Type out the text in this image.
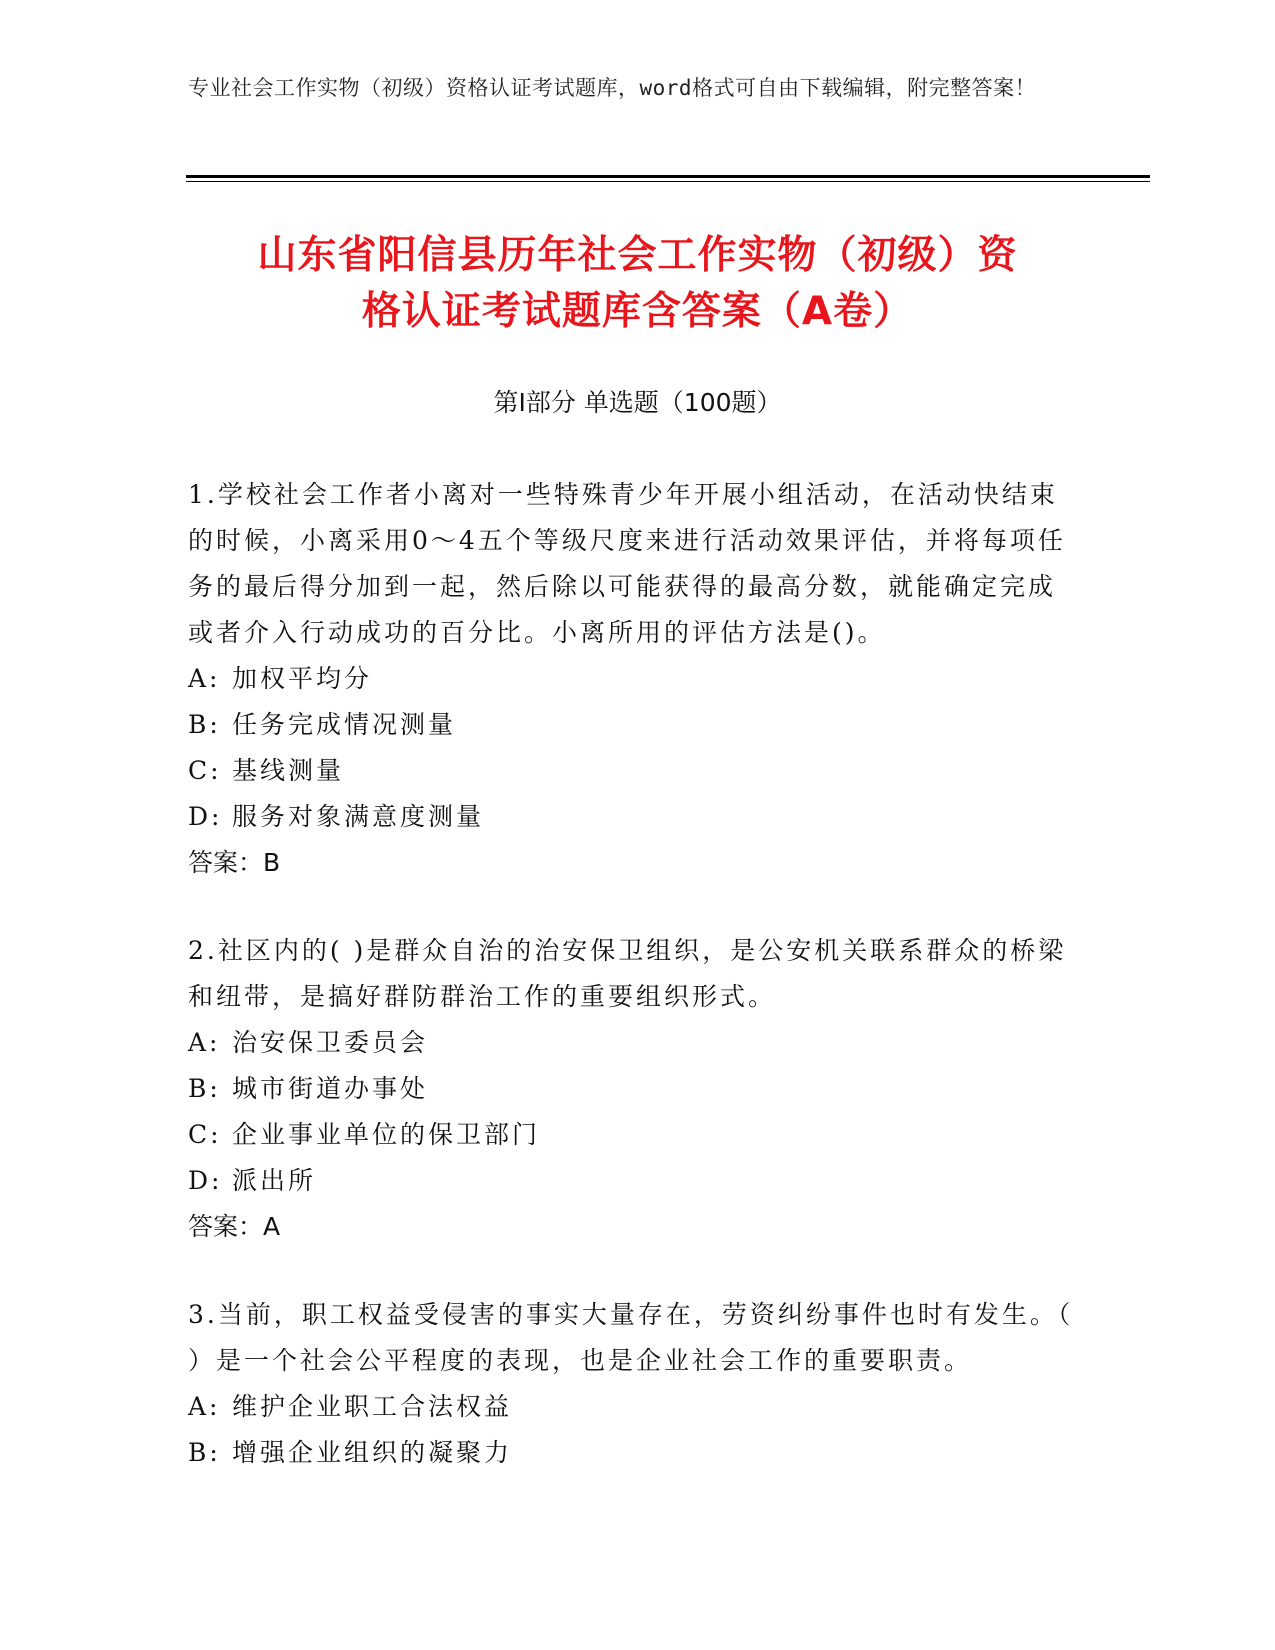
专业社会工作实物（初级）资格认证考试题库，word格式可自由下载编辑，附完整答案！
山东省阳信县历年社会工作实物（初级）资
格认证考试题库含答案（A卷）
第Ⅰ部分 单选题（100题）
1.学校社会工作者小离对一些特殊青少年开展小组活动，在活动快结束的时候，小离采用0～4五个等级尺度来进行活动效果评估，并将每项任务的最后得分加到一起，然后除以可能获得的最高分数，就能确定完成或者介入行动成功的百分比。小离所用的评估方法是()。
A: 加权平均分
B: 任务完成情况测量
C: 基线测量
D: 服务对象满意度测量
答案：B
2.社区内的( )是群众自治的治安保卫组织，是公安机关联系群众的桥梁和纽带，是搞好群防群治工作的重要组织形式。
A: 治安保卫委员会
B: 城市街道办事处
C: 企业事业单位的保卫部门
D: 派出所
答案：A
3.当前，职工权益受侵害的事实大量存在，劳资纠纷事件也时有发生。（ ）是一个社会公平程度的表现，也是企业社会工作的重要职责。
A: 维护企业职工合法权益
B: 增强企业组织的凝聚力
